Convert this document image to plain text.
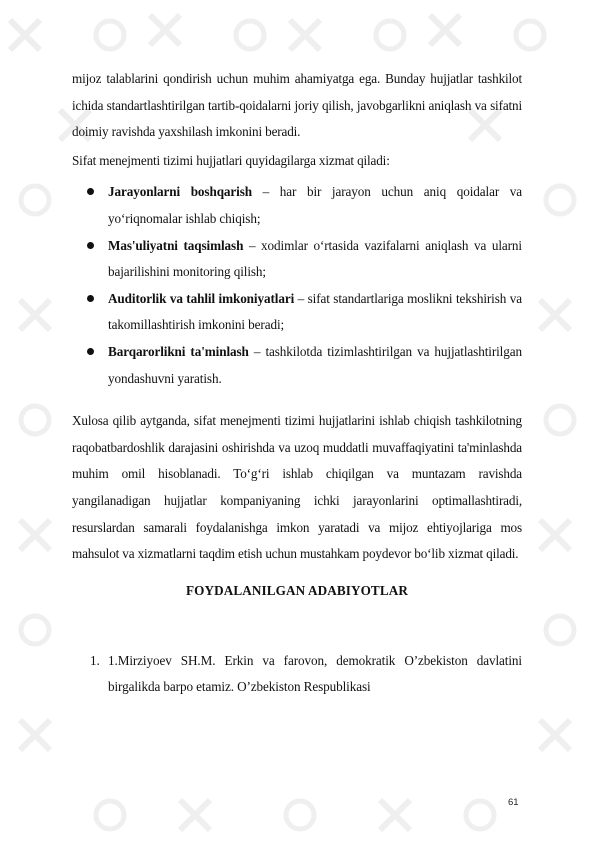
mijoz talablarini qondirish uchun muhim ahamiyatga ega. Bunday hujjatlar tashkilot ichida standartlashtirilgan tartib-qoidalarni joriy qilish, javobgarlikni aniqlash va sifatni doimiy ravishda yaxshilash imkonini beradi.

Sifat menejmenti tizimi hujjatlari quyidagilarga xizmat qiladi:

Jarayonlarni boshqarish – har bir jarayon uchun aniq qoidalar va yo‘riqnomalar ishlab chiqish;
Mas'uliyatni taqsimlash – xodimlar o‘rtasida vazifalarni aniqlash va ularni bajarilishini monitoring qilish;
Auditorlik va tahlil imkoniyatlari – sifat standartlariga moslikni tekshirish va takomillashtirish imkonini beradi;
Barqarorlikni ta'minlash – tashkilotda tizimlashtirilgan va hujjatlashtirilgan yondashuvni yaratish.

Xulosa qilib aytganda, sifat menejmenti tizimi hujjatlarini ishlab chiqish tashkilotning raqobatbardoshlik darajasini oshirishda va uzoq muddatli muvaffaqiyatini ta'minlashda muhim omil hisoblanadi. To‘g‘ri ishlab chiqilgan va muntazam ravishda yangilanadigan hujjatlar kompaniyaning ichki jarayonlarini optimallashtiradi, resurslardan samarali foydalanishga imkon yaratadi va mijoz ehtiyojlariga mos mahsulot va xizmatlarni taqdim etish uchun mustahkam poydevor bo‘lib xizmat qiladi.

FOYDALANILGAN ADABIYOTLAR

1. 1.Mirziyoev SH.M. Erkin va farovon, demokratik O’zbekiston davlatini birgalikda barpo etamiz. O’zbekiston Respublikasi
61
